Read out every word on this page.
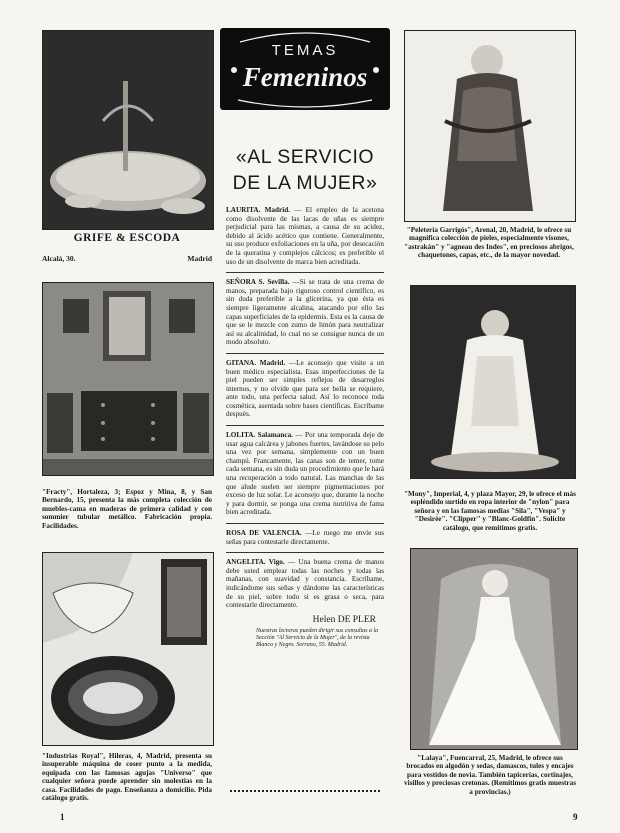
GRIFE & ESCODA
Alcalá, 30.	Madrid
"Fracty", Hortaleza, 3; Espoz y Mina, 8, y San Bernardo, 15, presenta la más completa colección de muebles-cama en maderas de primera calidad y con sommier tubular metálico. Fabricación propia. Facilidades.
"Industrias Royal", Hileras, 4, Madrid, presenta su insuperable máquina de coser punto a la medida, equipada con las famosas agujas "Universo" que cualquier señora puede aprender sin molestias en la casa. Facilidades de pago. Enseñanza a domicilio. Pida catálogo gratis.
TEMAS
Femeninos
«AL SERVICIO
DE LA MUJER»

LAURITA. Madrid. — El empleo de la acetona como disolvente de las lacas de uñas es siempre perjudicial para las mismas, a causa de su acidez, debido al ácido acético que contiene. Generalmente, su uso produce exfoliaciones en la uña, por desecación de la queratina y complejos cálcicos; es preferible el uso de un disolvente de marca bien acreditada.

SEÑORA S. Sevilla. —Si se trata de una crema de manos, preparada bajo riguroso control científico, es sin duda preferible a la glicerina, ya que ésta es siempre ligeramente alcalina, atacando por ello las capas superficiales de la epidermis. Esta es la causa de que se le mezcle con zumo de limón para neutralizar así su alcalinidad, lo cual no se consigue nunca de un modo absoluto.

GITANA. Madrid. —Le aconsejo que visite a un buen médico especialista. Esas imperfecciones de la piel pueden ser simples reflejos de desarreglos internos, y no olvide que para ser bella se requiere, ante todo, una perfecta salud. Así lo reconoce toda cosmética, asentada sobre bases científicas. Escríbame después.

LOLITA. Salamanca. — Por una temporada deje de usar agua calcárea y jabones fuertes, lavándose su pelo una vez por semana, simplemente con un buen champú. Francamente, las canas son de temer, tome cada semana, es sin duda un procedimiento que le hará una recuperación a todo natural. Las manchas de las que alude suelen ser siempre pigmentaciones por exceso de luz solar. Le aconsejo que, durante la noche y para dormir, se ponga una crema nutritiva de fama bien acreditada.

ROSA DE VALENCIA. —Le ruego me envíe sus señas para contestarle directamente.

ANGELITA. Vigo. — Una buena crema de manos debe usted emplear todas las noches y todas las mañanas, con suavidad y constancia. Escríbame, indicándome sus señas y dándome las características de su piel, sobre todo si es grasa o seca, para contestarle directamente.

Helen DE PLER
Nuestras lectoras pueden dirigir sus consultas a la Sección "Al Servicio de la Mujer", de la revista Blanco y Negro. Serrano, 55. Madrid.
"Peletería Garrigós", Arenal, 20, Madrid, le ofrece su magnífica colección de pieles, especialmente visones, "astrakán" y "agneau des Indes", en preciosos abrigos, chaquetones, capas, etc., de la mayor novedad.
"Mony", Imperial, 4, y plaza Mayor, 29, le ofrece el más espléndido surtido en ropa interior de "nylon" para señora y en las famosas medias "Sila", "Vespa" y "Desirée". "Clipper" y "Blanc-Goldfin". Solicite catálogo, que remitimos gratis.
"Lalaya", Fuencarral, 25, Madrid, le ofrece sus brocados en algodón y sedas, damascos, tules y encajes para vestidos de novia. También tapicerías, cortinajes, visillos y preciosas cretonas. (Remitimos gratis muestras a provincias.)
1	9
